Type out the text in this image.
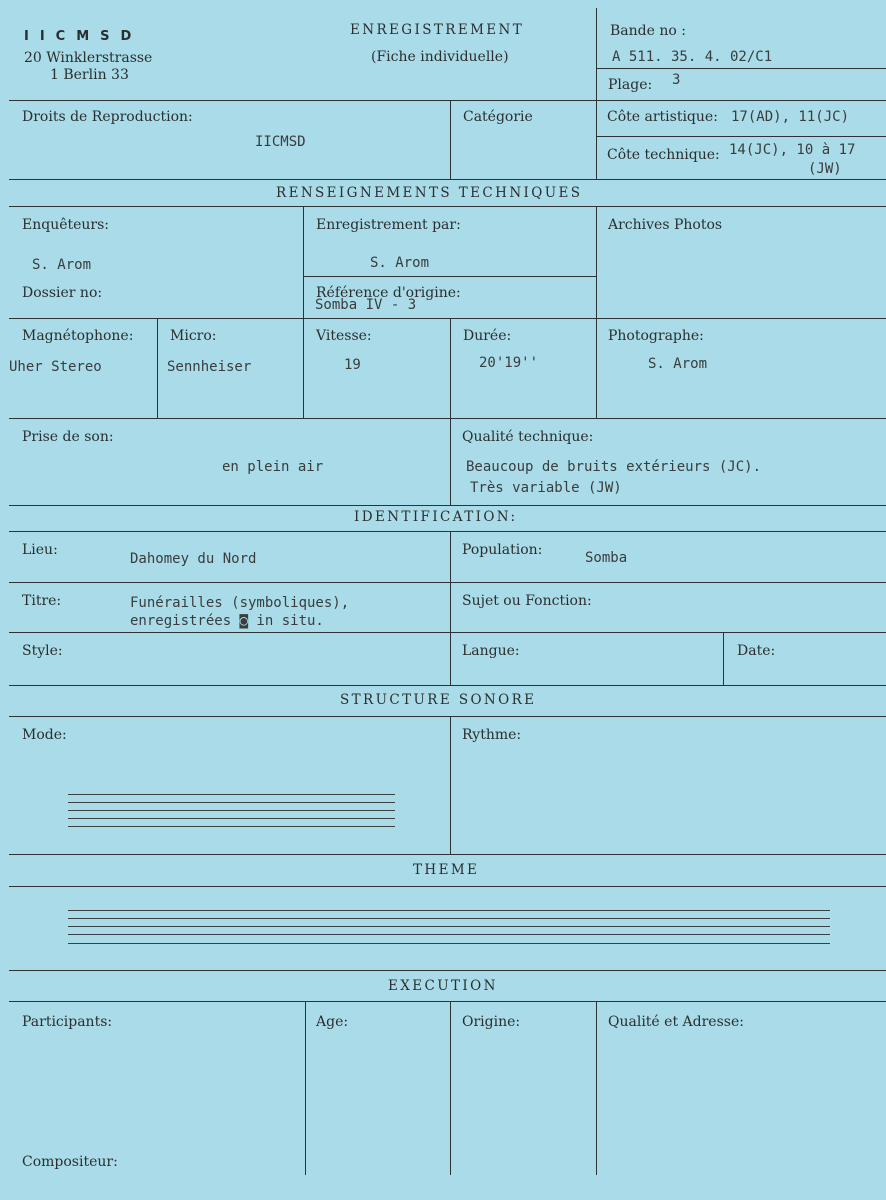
IICMSD
20 Winklerstrasse
1 Berlin 33
ENREGISTREMENT
(Fiche individuelle)
Bande no :
A 511. 35. 4. 02/C1
Plage: 3
Droits de Reproduction:
IICMSD
Catégorie	Côte artistique: 17(AD), 11(JC)
Côte technique: 14(JC), 10 à 17
(JW)
RENSEIGNEMENTS TECHNIQUES
Enquêteurs:
S. Arom
Dossier no:
Enregistrement par:
S. Arom
Référence d'origine:
Somba IV - 3
Archives Photos
Magnétophone:
Uher Stereo
Micro:
Sennheiser
Vitesse:
19
Durée:
20'19''
Photographe:
S. Arom
Prise de son:
en plein air
Qualité technique:
Beaucoup de bruits extérieurs (JC).
Très variable (JW)
IDENTIFICATION:
Lieu:
Dahomey du Nord
Population:	Somba
Titre:	Funérailles (symboliques),
enregistrées ◙ in situ.
Sujet ou Fonction:
Style:	Langue:	Date:
STRUCTURE SONORE
Mode:	Rythme:
THEME
EXECUTION
Participants:	Age:	Origine:	Qualité et Adresse:
Compositeur:
